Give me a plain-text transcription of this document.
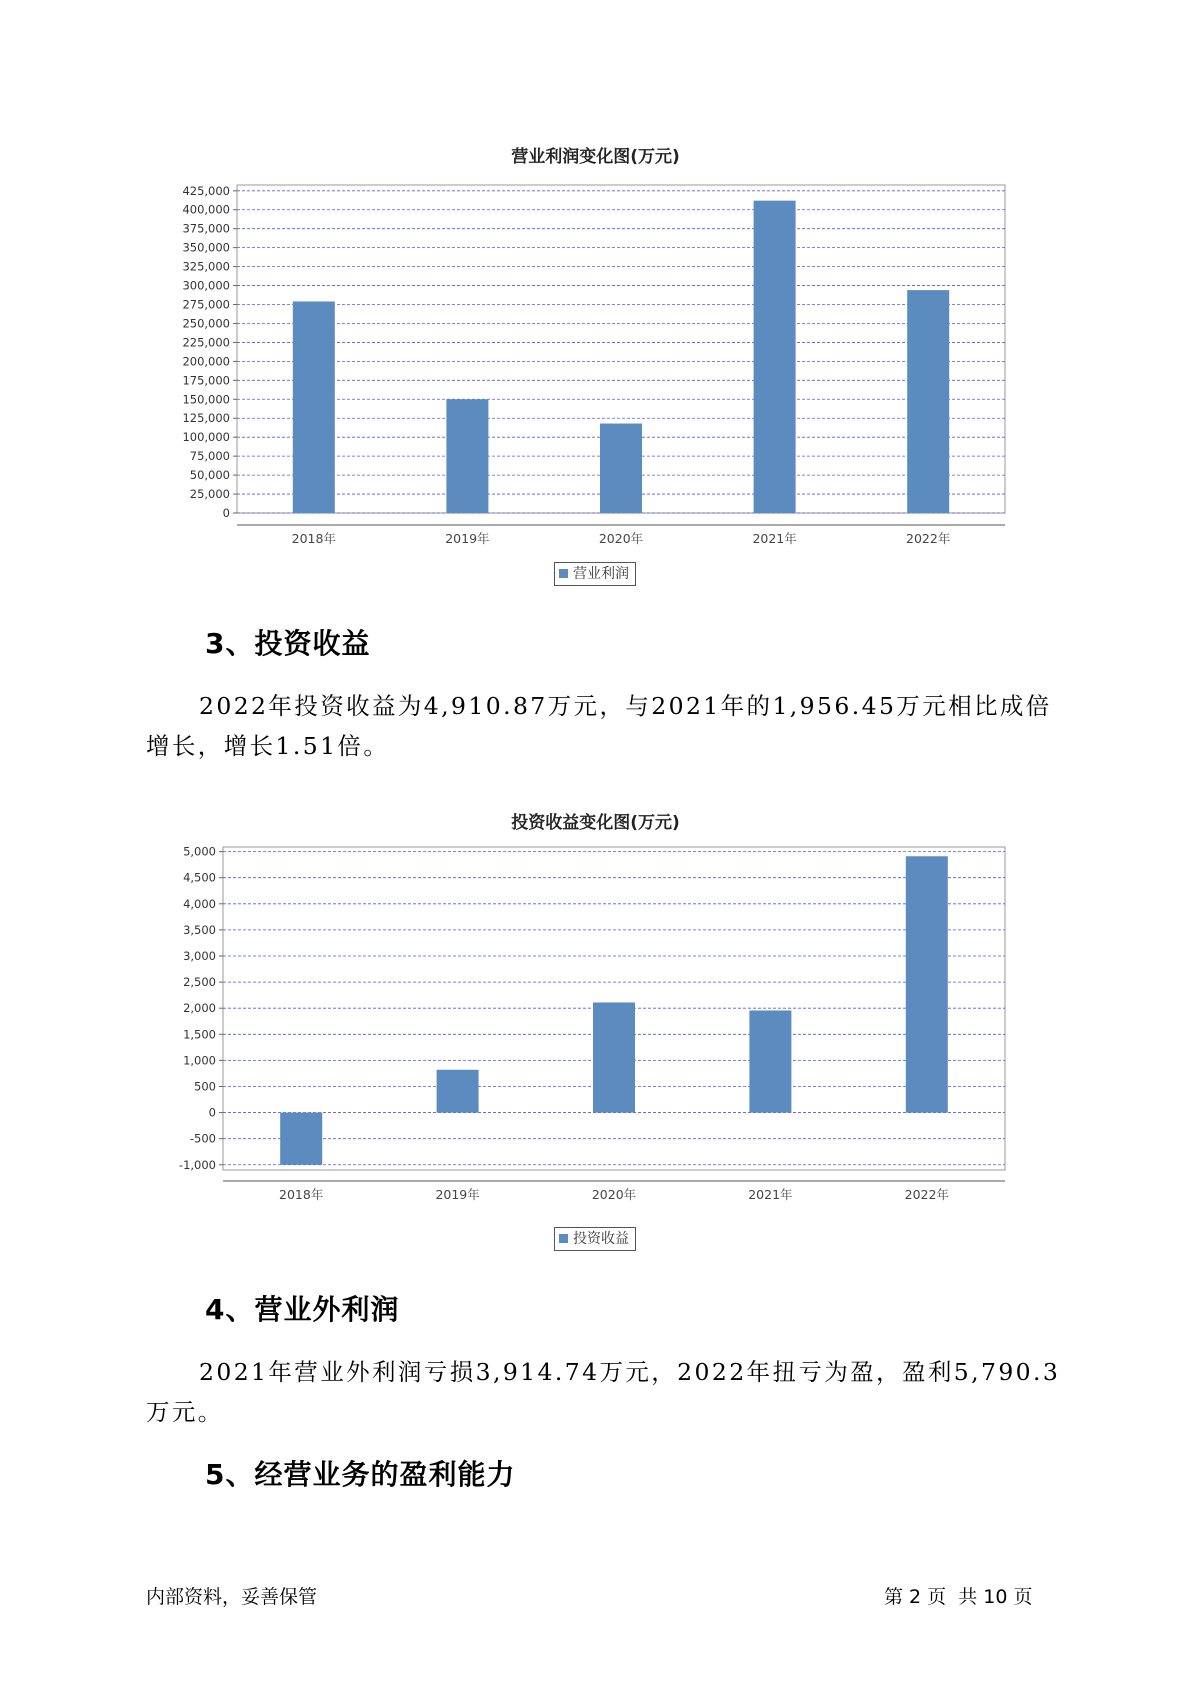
营业利润变化图(万元)
0
25,000
50,000
75,000
100,000
125,000
150,000
175,000
200,000
225,000
250,000
275,000
300,000
325,000
350,000
375,000
400,000
425,000
2018年	2019年	2020年	2021年	2022年
营业利润
3、投资收益
2022年投资收益为4,910.87万元，与2021年的1,956.45万元相比成倍增长，增长1.51倍。
投资收益变化图(万元)
-1,000
-500
0
500
1,000
1,500
2,000
2,500
3,000
3,500
4,000
4,500
5,000
2018年	2019年	2020年	2021年	2022年
投资收益
4、营业外利润
2021年营业外利润亏损3,914.74万元，2022年扭亏为盈，盈利5,790.3万元。
5、经营业务的盈利能力
内部资料，妥善保管	第 2 页  共 10 页
